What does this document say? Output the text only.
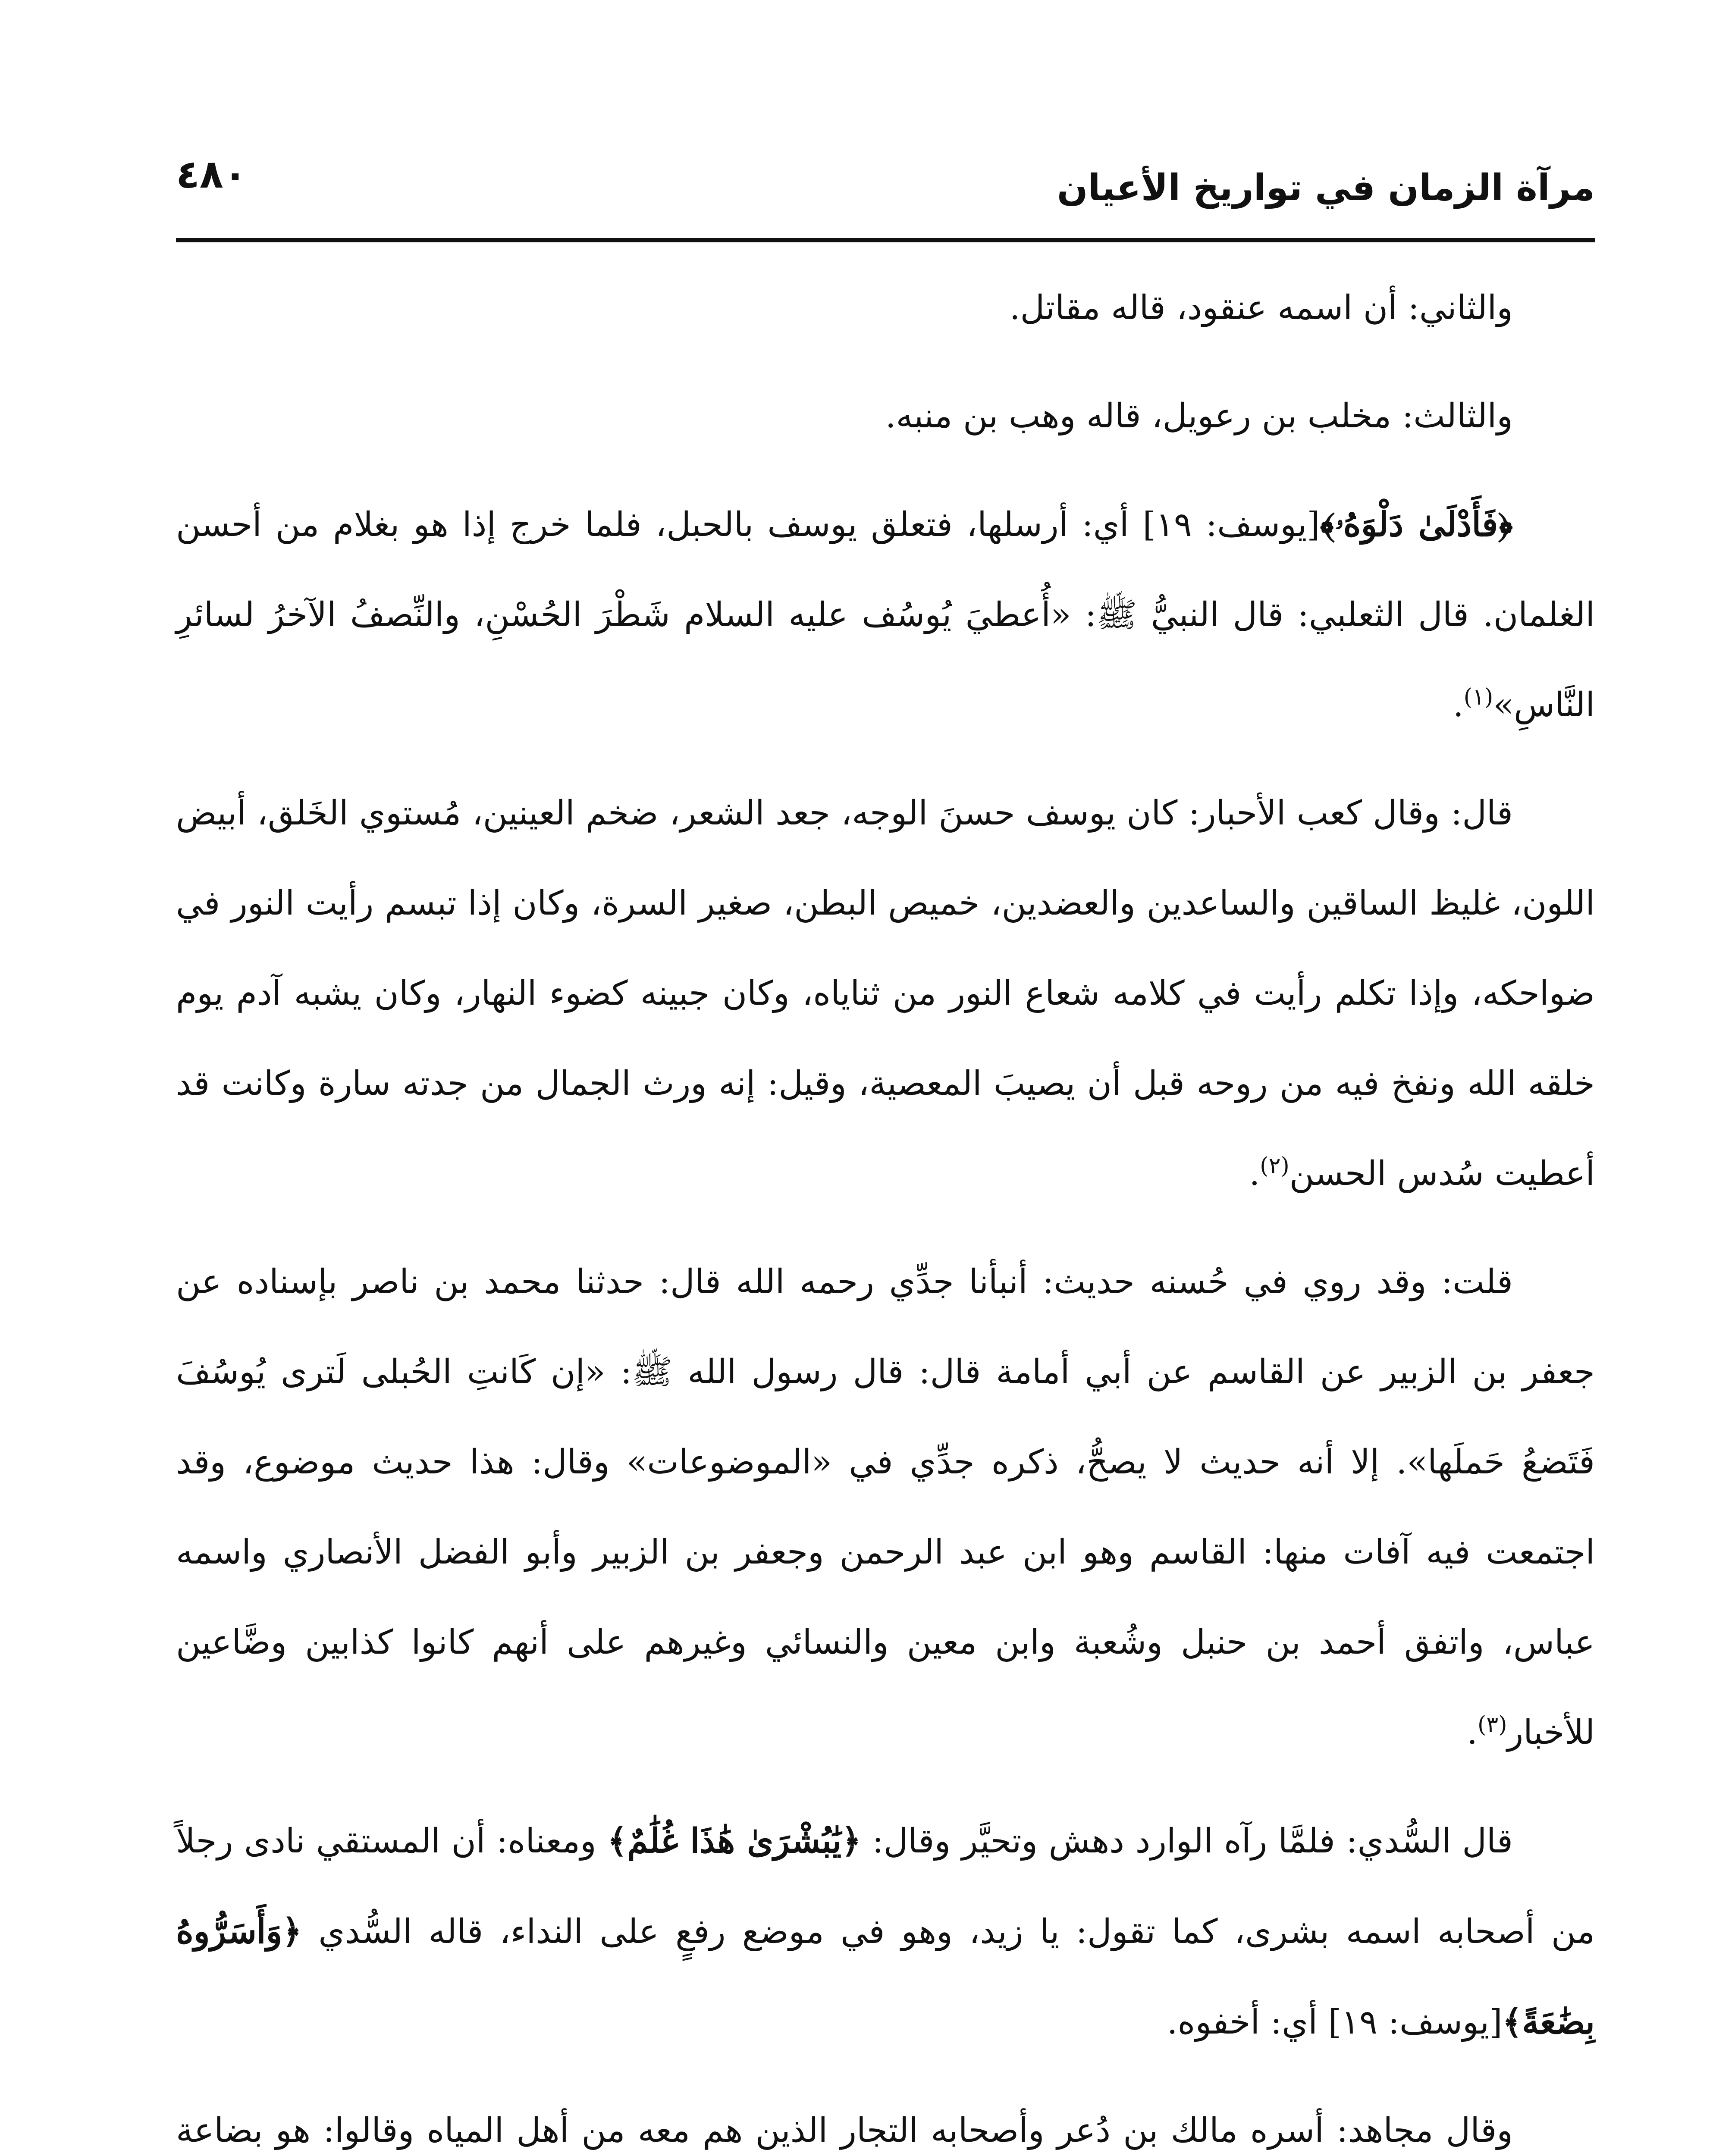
مرآة الزمان في تواريخ الأعيان
٤٨٠

والثاني: أن اسمه عنقود، قاله مقاتل.

والثالث: مخلب بن رعويل، قاله وهب بن منبه.

﴿فَأَدْلَىٰ دَلْوَهُۥ﴾[يوسف: ١٩] أي: أرسلها، فتعلق يوسف بالحبل، فلما خرج إذا هو بغلام من أحسن الغلمان. قال الثعلبي: قال النبيُّ ﷺ: «أُعطيَ يُوسُف عليه السلام شَطْرَ الحُسْنِ، والنِّصفُ الآخرُ لسائرِ النَّاسِ»$^{(١)}$.

قال: وقال كعب الأحبار: كان يوسف حسنَ الوجه، جعد الشعر، ضخم العينين، مُستوي الخَلق، أبيض اللون، غليظ الساقين والساعدين والعضدين، خميص البطن، صغير السرة، وكان إذا تبسم رأيت النور في ضواحكه، وإذا تكلم رأيت في كلامه شعاع النور من ثناياه، وكان جبينه كضوء النهار، وكان يشبه آدم يوم خلقه الله ونفخ فيه من روحه قبل أن يصيبَ المعصية، وقيل: إنه ورث الجمال من جدته سارة وكانت قد أعطيت سُدس الحسن$^{(٢)}$.

قلت: وقد روي في حُسنه حديث: أنبأنا جدِّي رحمه الله قال: حدثنا محمد بن ناصر بإسناده عن جعفر بن الزبير عن القاسم عن أبي أمامة قال: قال رسول الله ﷺ: «إن كَانتِ الحُبلى لَترى يُوسُفَ فَتَضعُ حَملَها». إلا أنه حديث لا يصحُّ، ذكره جدِّي في «الموضوعات» وقال: هذا حديث موضوع، وقد اجتمعت فيه آفات منها: القاسم وهو ابن عبد الرحمن وجعفر بن الزبير وأبو الفضل الأنصاري واسمه عباس، واتفق أحمد بن حنبل وشُعبة وابن معين والنسائي وغيرهم على أنهم كانوا كذابين وضَّاعين للأخبار$^{(٣)}$.

قال السُّدي: فلمَّا رآه الوارد دهش وتحيَّر وقال: ﴿يَٰبُشْرَىٰ هَٰذَا غُلَٰمٌ﴾ ومعناه: أن المستقي نادى رجلاً من أصحابه اسمه بشرى، كما تقول: يا زيد، وهو في موضع رفعٍ على النداء، قاله السُّدي ﴿وَأَسَرُّوهُ بِضَٰعَةً﴾[يوسف: ١٩] أي: أخفوه.

وقال مجاهد: أسره مالك بن دُعر وأصحابه التجار الذين هم معه من أهل المياه وقالوا: هو بضاعة
